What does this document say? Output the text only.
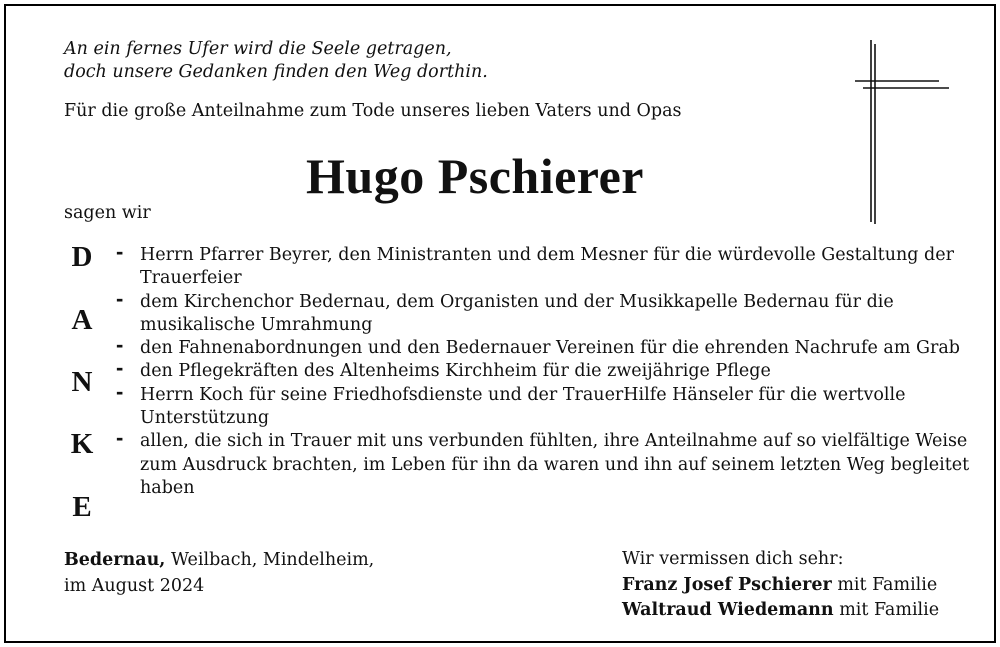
An ein fernes Ufer wird die Seele getragen,
doch unsere Gedanken finden den Weg dorthin.
Für die große Anteilnahme zum Tode unseres lieben Vaters und Opas
Hugo Pschierer
sagen wir
D
A
N
K
E
- Herrn Pfarrer Beyrer, den Ministranten und dem Mesner für die würdevolle Gestaltung der Trauerfeier
- dem Kirchenchor Bedernau, dem Organisten und der Musikkapelle Bedernau für die musikalische Umrahmung
- den Fahnenabordnungen und den Bedernauer Vereinen für die ehrenden Nachrufe am Grab
- den Pflegekräften des Altenheims Kirchheim für die zweijährige Pflege
- Herrn Koch für seine Friedhofsdienste und der TrauerHilfe Hänseler für die wertvolle Unterstützung
- allen, die sich in Trauer mit uns verbunden fühlten, ihre Anteilnahme auf so vielfältige Weise zum Ausdruck brachten, im Leben für ihn da waren und ihn auf seinem letzten Weg begleitet haben
Bedernau, Weilbach, Mindelheim,
im August 2024
Wir vermissen dich sehr:
Franz Josef Pschierer mit Familie
Waltraud Wiedemann mit Familie
